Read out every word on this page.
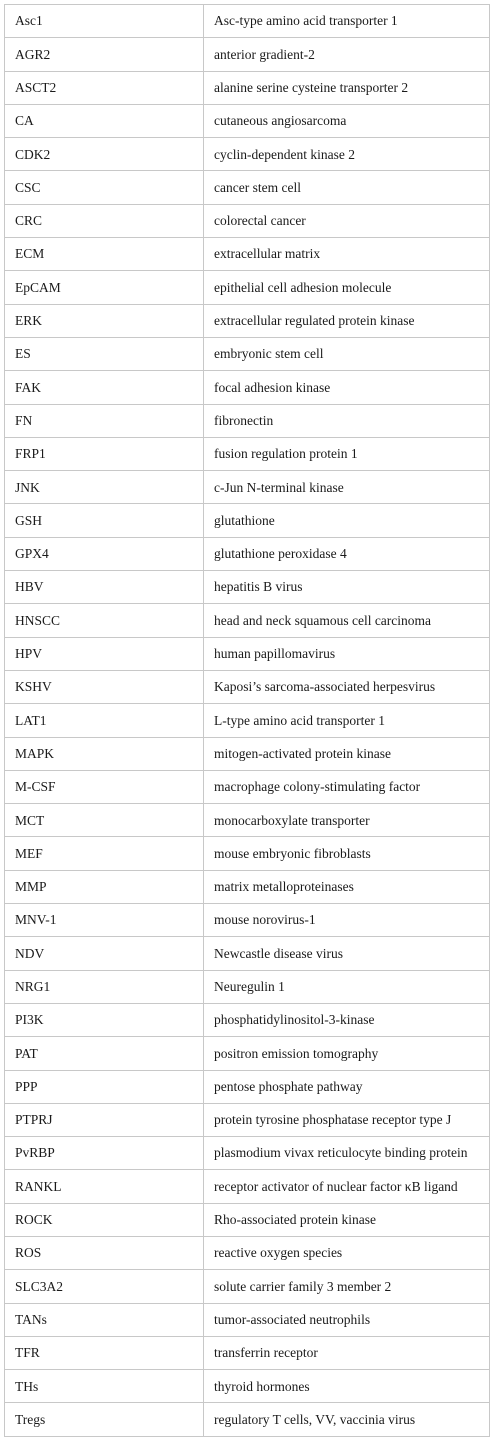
Asc1	Asc-type amino acid transporter 1
AGR2	anterior gradient-2
ASCT2	alanine serine cysteine transporter 2
CA	cutaneous angiosarcoma
CDK2	cyclin-dependent kinase 2
CSC	cancer stem cell
CRC	colorectal cancer
ECM	extracellular matrix
EpCAM	epithelial cell adhesion molecule
ERK	extracellular regulated protein kinase
ES	embryonic stem cell
FAK	focal adhesion kinase
FN	fibronectin
FRP1	fusion regulation protein 1
JNK	c-Jun N-terminal kinase
GSH	glutathione
GPX4	glutathione peroxidase 4
HBV	hepatitis B virus
HNSCC	head and neck squamous cell carcinoma
HPV	human papillomavirus
KSHV	Kaposi’s sarcoma-associated herpesvirus
LAT1	L-type amino acid transporter 1
MAPK	mitogen-activated protein kinase
M-CSF	macrophage colony-stimulating factor
MCT	monocarboxylate transporter
MEF	mouse embryonic fibroblasts
MMP	matrix metalloproteinases
MNV-1	mouse norovirus-1
NDV	Newcastle disease virus
NRG1	Neuregulin 1
PI3K	phosphatidylinositol-3-kinase
PAT	positron emission tomography
PPP	pentose phosphate pathway
PTPRJ	protein tyrosine phosphatase receptor type J
PvRBP	plasmodium vivax reticulocyte binding protein
RANKL	receptor activator of nuclear factor κB ligand
ROCK	Rho-associated protein kinase
ROS	reactive oxygen species
SLC3A2	solute carrier family 3 member 2
TANs	tumor-associated neutrophils
TFR	transferrin receptor
THs	thyroid hormones
Tregs	regulatory T cells, VV, vaccinia virus
